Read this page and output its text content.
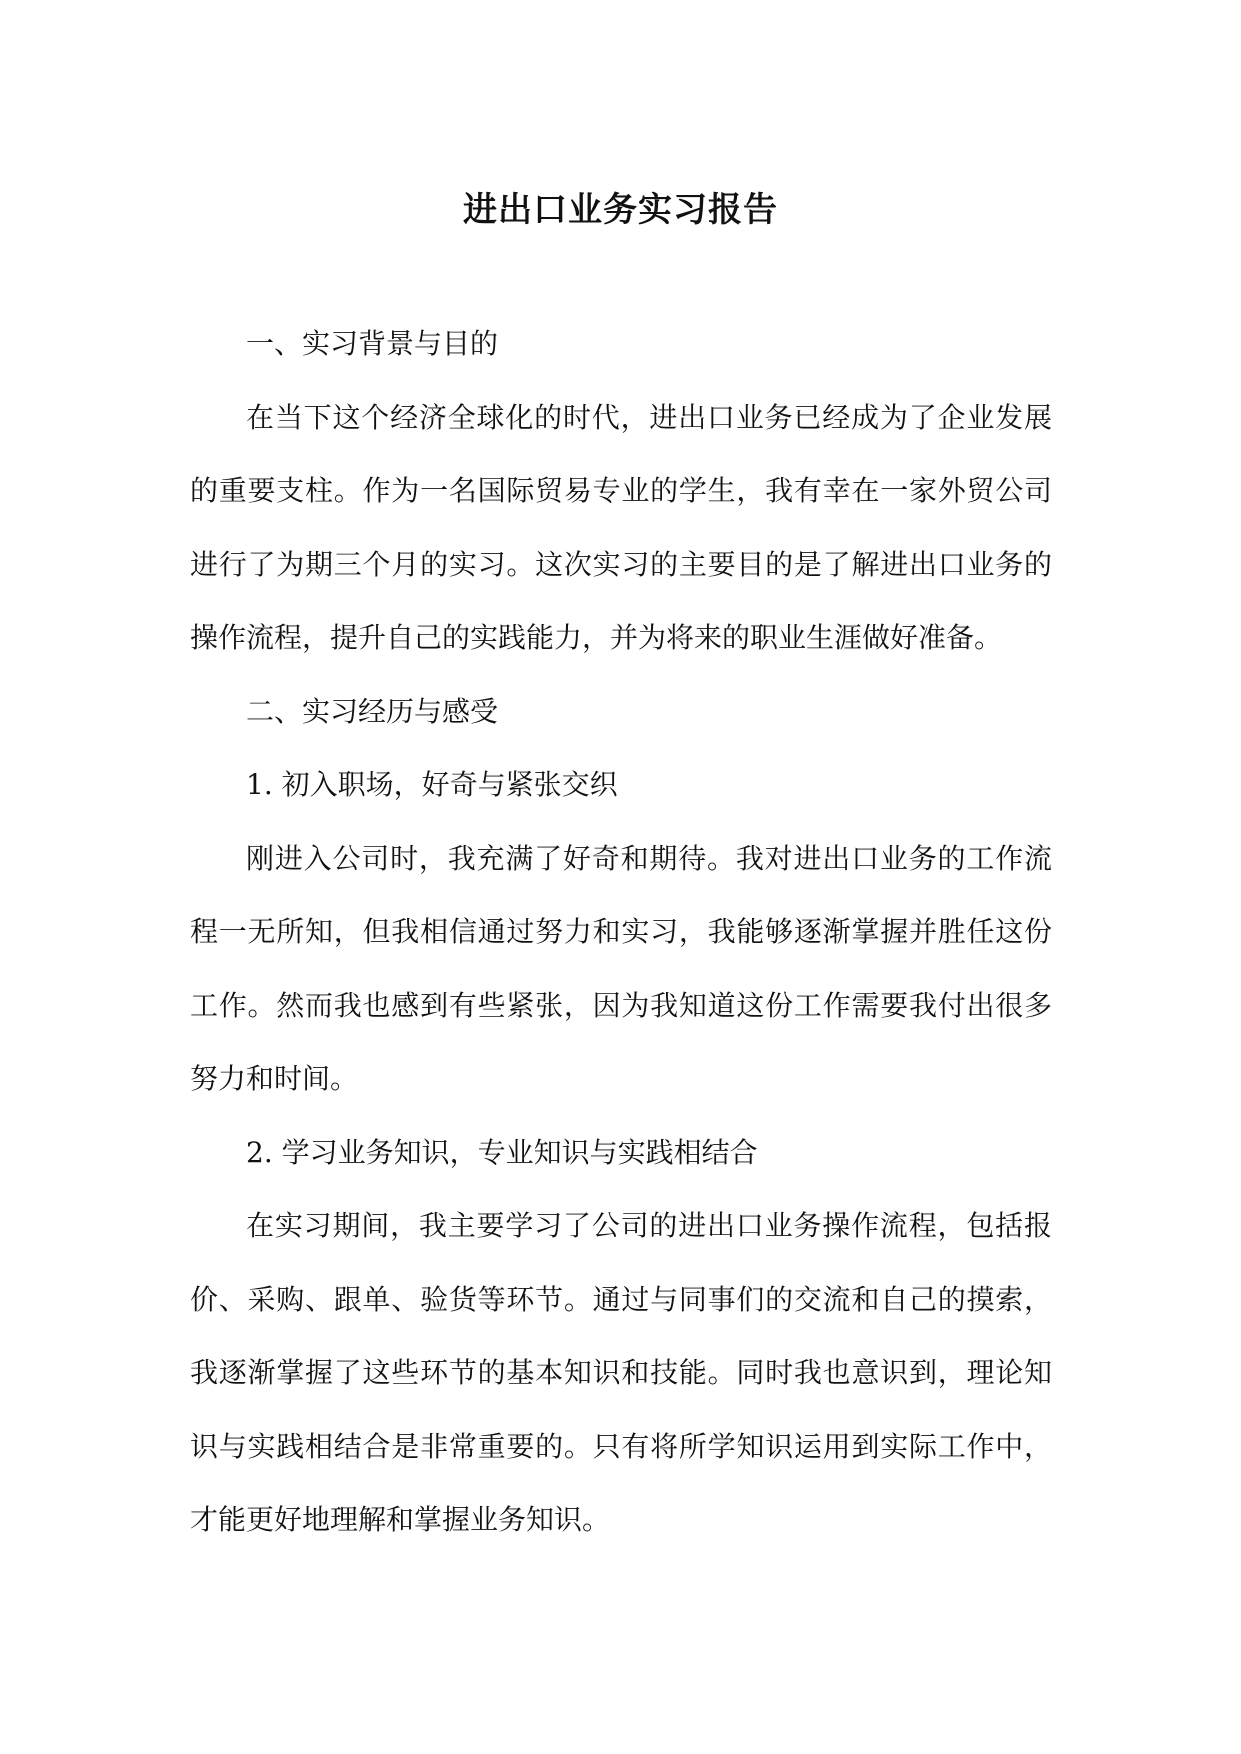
进出口业务实习报告

一、实习背景与目的

在当下这个经济全球化的时代，进出口业务已经成为了企业发展的重要支柱。作为一名国际贸易专业的学生，我有幸在一家外贸公司进行了为期三个月的实习。这次实习的主要目的是了解进出口业务的操作流程，提升自己的实践能力，并为将来的职业生涯做好准备。

二、实习经历与感受

1. 初入职场，好奇与紧张交织

刚进入公司时，我充满了好奇和期待。我对进出口业务的工作流程一无所知，但我相信通过努力和实习，我能够逐渐掌握并胜任这份工作。然而我也感到有些紧张，因为我知道这份工作需要我付出很多努力和时间。

2. 学习业务知识，专业知识与实践相结合

在实习期间，我主要学习了公司的进出口业务操作流程，包括报价、采购、跟单、验货等环节。通过与同事们的交流和自己的摸索，我逐渐掌握了这些环节的基本知识和技能。同时我也意识到，理论知识与实践相结合是非常重要的。只有将所学知识运用到实际工作中，才能更好地理解和掌握业务知识。
